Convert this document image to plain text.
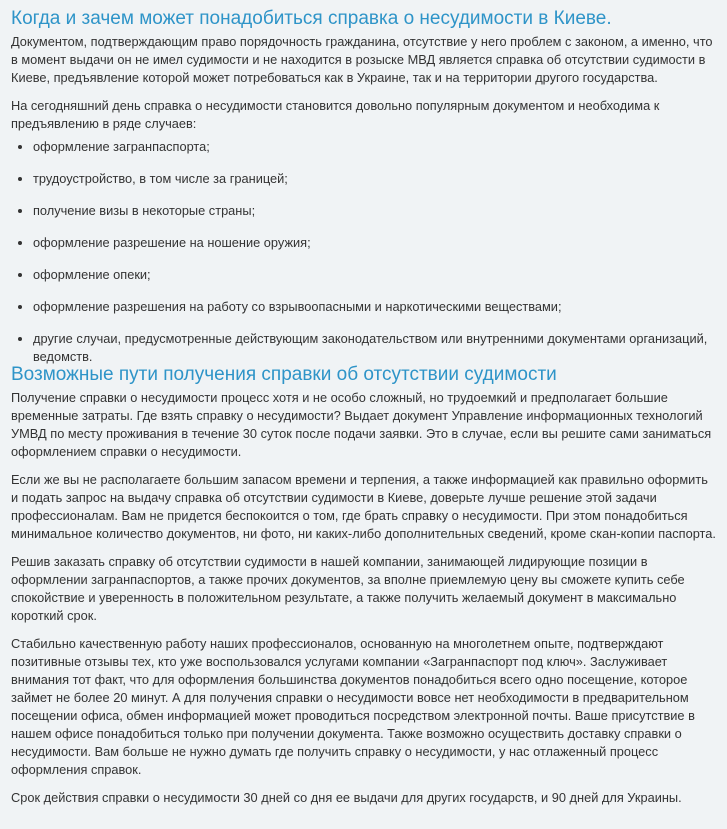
Когда и зачем может понадобиться справка о несудимости в Киеве.

Документом, подтверждающим право порядочность гражданина, отсутствие у него проблем с законом, а именно, что в момент выдачи он не имел судимости и не находится в розыске МВД является справка об отсутствии судимости в Киеве, предъявление которой может потребоваться как в Украине, так и на территории другого государства.

На сегодняшний день справка о несудимости становится довольно популярным документом и необходима к предъявлению в ряде случаев:

оформление загранпаспорта;
трудоустройство, в том числе за границей;
получение визы в некоторые страны;
оформление разрешение на ношение оружия;
оформление опеки;
оформление разрешения на работу со взрывоопасными и наркотическими веществами;
другие случаи, предусмотренные действующим законодательством или внутренними документами организаций, ведомств.
Возможные пути получения справки об отсутствии судимости

Получение справки о несудимости процесс хотя и не особо сложный, но трудоемкий и предполагает большие временные затраты. Где взять справку о несудимости? Выдает документ Управление информационных технологий УМВД по месту проживания в течение 30 суток после подачи заявки. Это в случае, если вы решите сами заниматься оформлением справки о несудимости.

Если же вы не располагаете большим запасом времени и терпения, а также информацией как правильно оформить и подать запрос на выдачу справка об отсутствии судимости в Киеве, доверьте лучше решение этой задачи профессионалам. Вам не придется беспокоится о том, где брать справку о несудимости. При этом понадобиться минимальное количество документов, ни фото, ни каких-либо дополнительных сведений, кроме скан-копии паспорта.

Решив заказать справку об отсутствии судимости в нашей компании, занимающей лидирующие позиции в оформлении загранпаспортов, а также прочих документов, за вполне приемлемую цену вы сможете купить себе спокойствие и уверенность в положительном результате, а также получить желаемый документ в максимально короткий срок.

Стабильно качественную работу наших профессионалов, основанную на многолетнем опыте, подтверждают позитивные отзывы тех, кто уже воспользовался услугами компании «Загранпаспорт под ключ». Заслуживает внимания тот факт, что для оформления большинства документов понадобиться всего одно посещение, которое займет не более 20 минут. А для получения справки о несудимости вовсе нет необходимости в предварительном посещении офиса, обмен информацией может проводиться посредством электронной почты. Ваше присутствие в нашем офисе понадобиться только при получении документа. Также возможно осуществить доставку справки о несудимости. Вам больше не нужно думать где получить справку о несудимости, у нас отлаженный процесс оформления справок.

Срок действия справки о несудимости 30 дней со дня ее выдачи для других государств, и 90 дней для Украины.
